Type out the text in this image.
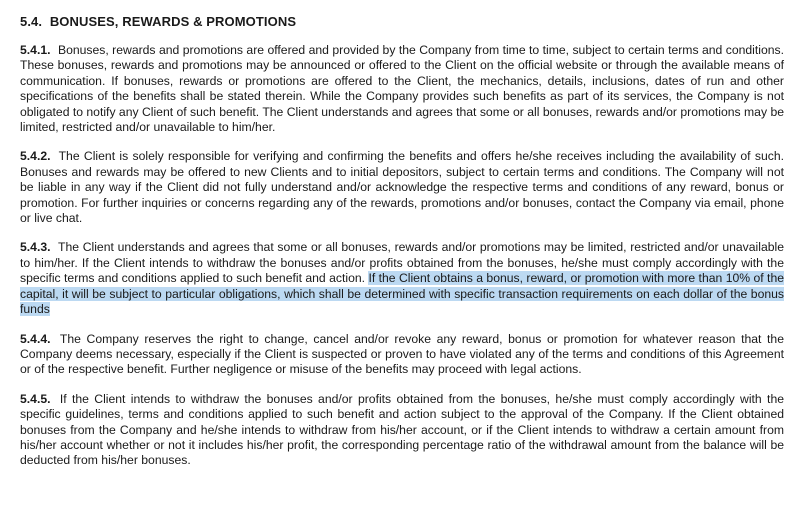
5.4. BONUSES, REWARDS & PROMOTIONS

5.4.1. Bonuses, rewards and promotions are offered and provided by the Company from time to time, subject to certain terms and conditions. These bonuses, rewards and promotions may be announced or offered to the Client on the official website or through the available means of communication. If bonuses, rewards or promotions are offered to the Client, the mechanics, details, inclusions, dates of run and other specifications of the benefits shall be stated therein. While the Company provides such benefits as part of its services, the Company is not obligated to notify any Client of such benefit. The Client understands and agrees that some or all bonuses, rewards and/or promotions may be limited, restricted and/or unavailable to him/her.

5.4.2. The Client is solely responsible for verifying and confirming the benefits and offers he/she receives including the availability of such. Bonuses and rewards may be offered to new Clients and to initial depositors, subject to certain terms and conditions. The Company will not be liable in any way if the Client did not fully understand and/or acknowledge the respective terms and conditions of any reward, bonus or promotion. For further inquiries or concerns regarding any of the rewards, promotions and/or bonuses, contact the Company via email, phone or live chat.

5.4.3. The Client understands and agrees that some or all bonuses, rewards and/or promotions may be limited, restricted and/or unavailable to him/her. If the Client intends to withdraw the bonuses and/or profits obtained from the bonuses, he/she must comply accordingly with the specific terms and conditions applied to such benefit and action. If the Client obtains a bonus, reward, or promotion with more than 10% of the capital, it will be subject to particular obligations, which shall be determined with specific transaction requirements on each dollar of the bonus funds

5.4.4. The Company reserves the right to change, cancel and/or revoke any reward, bonus or promotion for whatever reason that the Company deems necessary, especially if the Client is suspected or proven to have violated any of the terms and conditions of this Agreement or of the respective benefit. Further negligence or misuse of the benefits may proceed with legal actions.

5.4.5. If the Client intends to withdraw the bonuses and/or profits obtained from the bonuses, he/she must comply accordingly with the specific guidelines, terms and conditions applied to such benefit and action subject to the approval of the Company. If the Client obtained bonuses from the Company and he/she intends to withdraw from his/her account, or if the Client intends to withdraw a certain amount from his/her account whether or not it includes his/her profit, the corresponding percentage ratio of the withdrawal amount from the balance will be deducted from his/her bonuses.
